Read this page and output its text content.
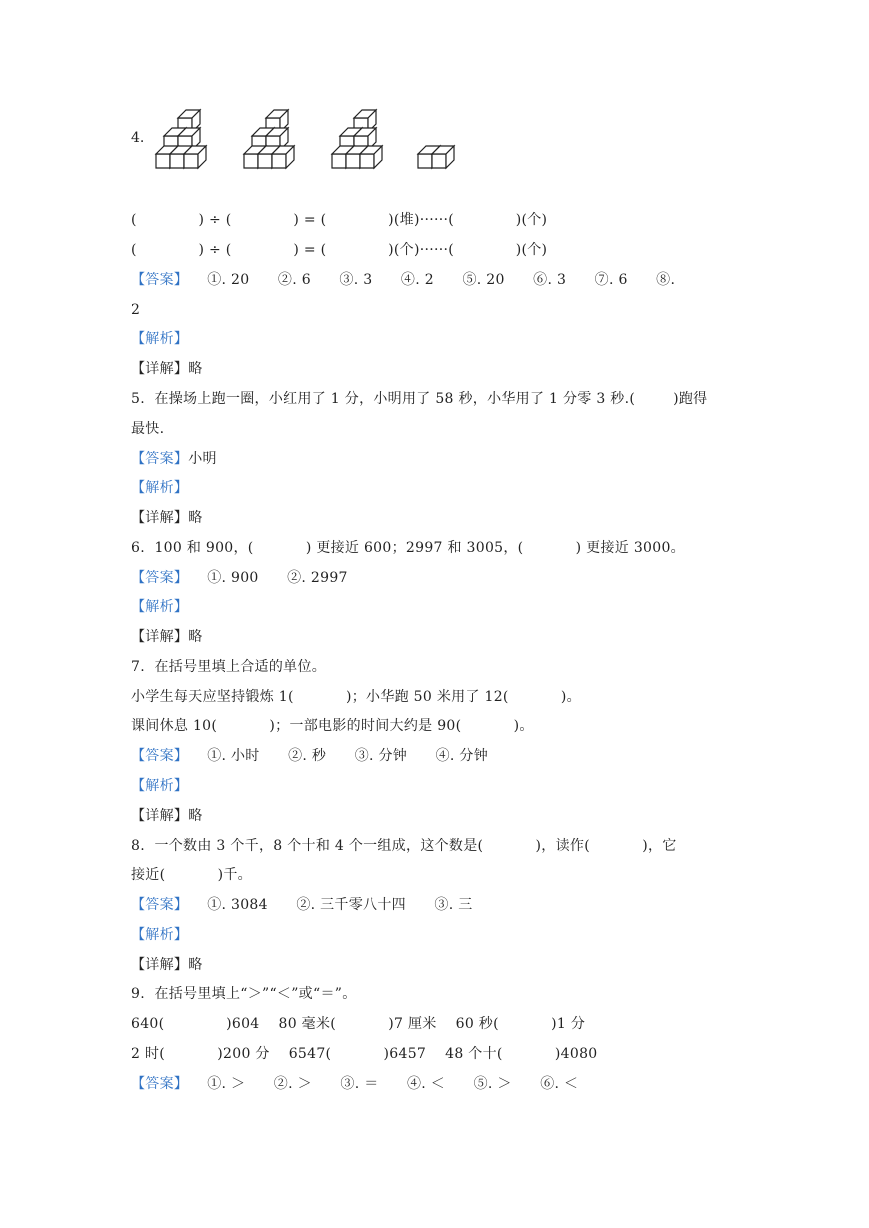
4.
(             ) ÷ (             ) = (             )(堆)······(             )(个)
(             ) ÷ (             ) = (             )(个)······(             )(个)
【答案】    ①. 20      ②. 6      ③. 3      ④. 2      ⑤. 20      ⑥. 3      ⑦. 6      ⑧.
2
【解析】
【详解】略
5.  在操场上跑一圈，小红用了 1 分，小明用了 58 秒，小华用了 1 分零 3 秒.(        )跑得
最快.
【答案】小明
【解析】
【详解】略
6.  100 和 900，(           ) 更接近 600；2997 和 3005，(           ) 更接近 3000。
【答案】    ①. 900      ②. 2997
【解析】
【详解】略
7.  在括号里填上合适的单位。
小学生每天应坚持锻炼 1(           )；小华跑 50 米用了 12(           )。
课间休息 10(           )；一部电影的时间大约是 90(           )。
【答案】    ①. 小时      ②. 秒      ③. 分钟      ④. 分钟
【解析】
【详解】略
8.  一个数由 3 个千，8 个十和 4 个一组成，这个数是(           )，读作(           )，它
接近(           )千。
【答案】    ①. 3084      ②. 三千零八十四      ③. 三
【解析】
【详解】略
9.  在括号里填上“＞”“＜”或“＝”。
640(             )604    80 毫米(           )7 厘米    60 秒(           )1 分
2 时(           )200 分    6547(           )6457    48 个十(           )4080
【答案】    ①. ＞      ②. ＞      ③. ＝      ④. ＜      ⑤. ＞      ⑥. ＜
